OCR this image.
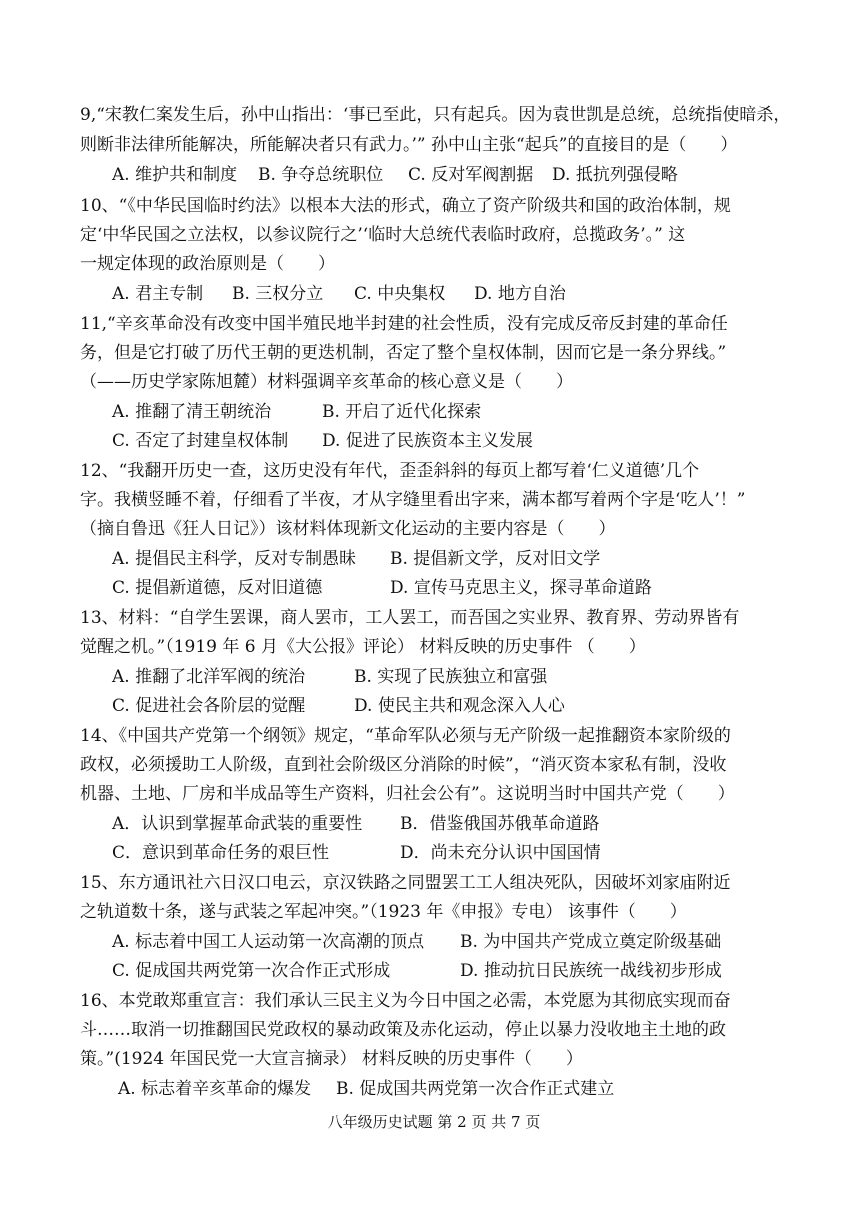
9,“宋教仁案发生后，孙中山指出：‘事已至此，只有起兵。因为袁世凯是总统，总统指使暗杀，
则断非法律所能解决，所能解决者只有武力。’” 孙中山主张“起兵”的直接目的是（　　）
A. 维护共和制度 B. 争夺总统职位 C. 反对军阀割据 D. 抵抗列强侵略
10、“《中华民国临时约法》以根本大法的形式，确立了资产阶级共和国的政治体制，规
定‘中华民国之立法权，以参议院行之’‘临时大总统代表临时政府，总揽政务’。” 这
一规定体现的政治原则是（　　）
A. 君主专制 B. 三权分立 C. 中央集权 D. 地方自治
11,“辛亥革命没有改变中国半殖民地半封建的社会性质，没有完成反帝反封建的革命任
务，但是它打破了历代王朝的更迭机制，否定了整个皇权体制，因而它是一条分界线。”
（——历史学家陈旭麓）材料强调辛亥革命的核心意义是（　　）
A. 推翻了清王朝统治	B. 开启了近代化探索
C. 否定了封建皇权体制 D. 促进了民族资本主义发展
12、“我翻开历史一查，这历史没有年代，歪歪斜斜的每页上都写着‘仁义道德’几个
字。我横竖睡不着，仔细看了半夜，才从字缝里看出字来，满本都写着两个字是‘吃人’！”
（摘自鲁迅《狂人日记》）该材料体现新文化运动的主要内容是（　　）
A. 提倡民主科学，反对专制愚昧 B. 提倡新文学，反对旧文学
C. 提倡新道德，反对旧道德	D. 宣传马克思主义，探寻革命道路
13、材料：“自学生罢课，商人罢市，工人罢工，而吾国之实业界、教育界、劳动界皆有
觉醒之机。”（1919 年 6 月《大公报》评论） 材料反映的历史事件 （　　）
A. 推翻了北洋军阀的统治	B. 实现了民族独立和富强
C. 促进社会各阶层的觉醒	D. 使民主共和观念深入人心
14、《中国共产党第一个纲领》规定，“革命军队必须与无产阶级一起推翻资本家阶级的
政权，必须援助工人阶级，直到社会阶级区分消除的时候”，“消灭资本家私有制，没收
机器、土地、厂房和半成品等生产资料，归社会公有”。这说明当时中国共产党（　　）
A．认识到掌握革命武装的重要性 B．借鉴俄国苏俄革命道路
C．意识到革命任务的艰巨性	D．尚未充分认识中国国情
15、东方通讯社六日汉口电云，京汉铁路之同盟罢工工人组决死队，因破坏刘家庙附近
之轨道数十条，遂与武装之军起冲突。”（1923 年《申报》专电） 该事件（　　）
A. 标志着中国工人运动第一次高潮的顶点 B. 为中国共产党成立奠定阶级基础
C. 促成国共两党第一次合作正式形成	D. 推动抗日民族统一战线初步形成
16、本党敢郑重宣言：我们承认三民主义为今日中国之必需，本党愿为其彻底实现而奋
斗……取消一切推翻国民党政权的暴动政策及赤化运动，停止以暴力没收地主土地的政
策。”(1924 年国民党一大宣言摘录） 材料反映的历史事件（　　）
A. 标志着辛亥革命的爆发 B. 促成国共两党第一次合作正式建立
八年级历史试题 第 2 页 共 7 页
